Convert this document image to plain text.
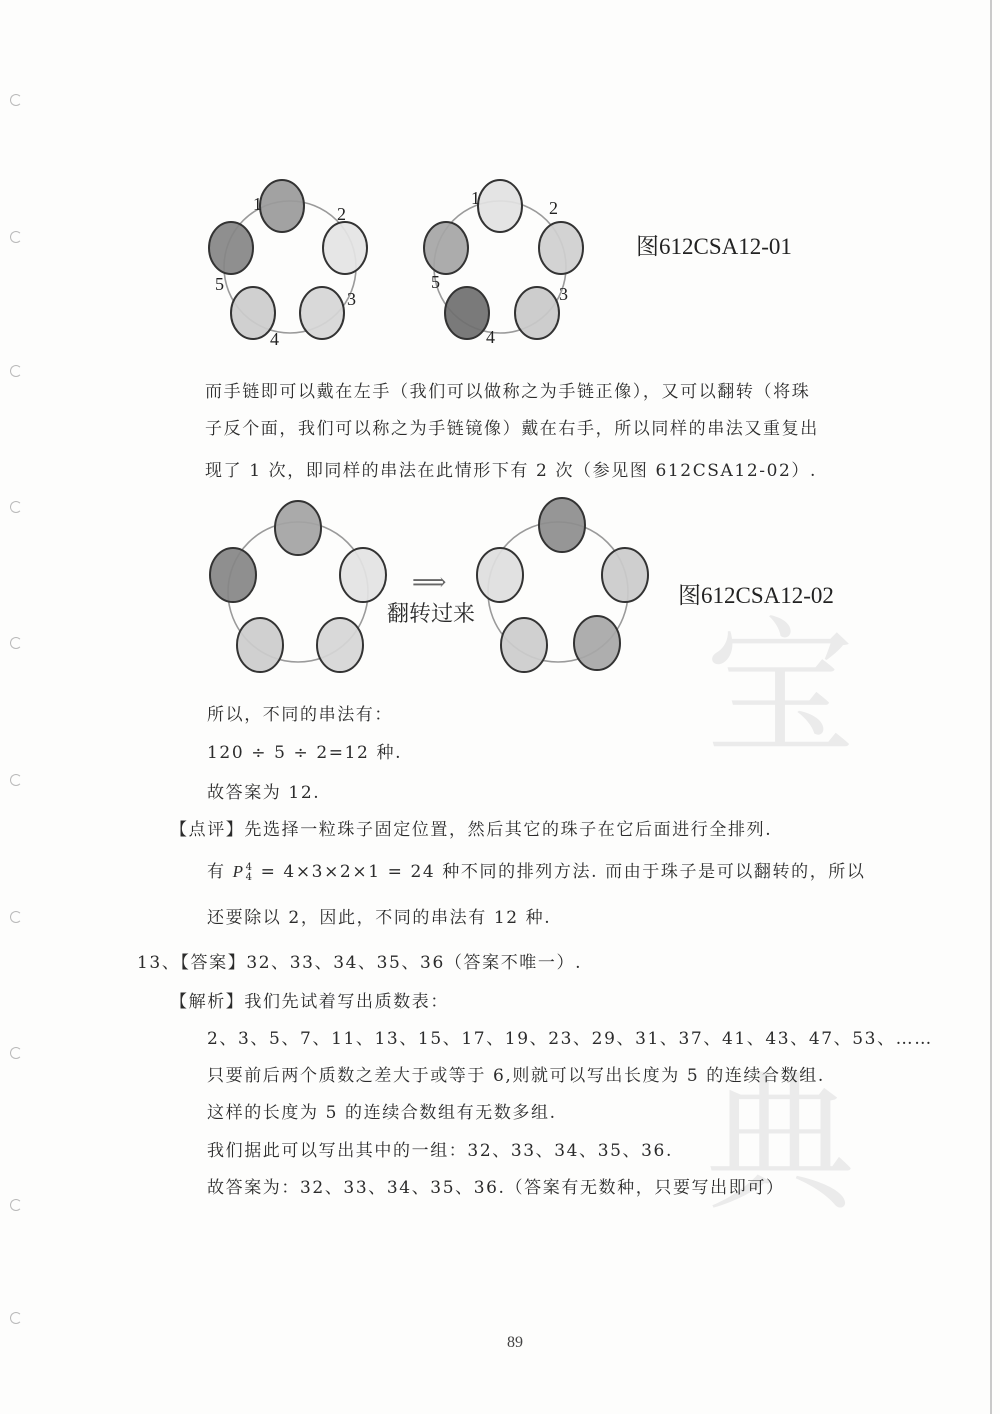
宝
典
1	2
3
4
5
1	2
3
4
5
图612CSA12-01
而手链即可以戴在左手（我们可以做称之为手链正像），又可以翻转（将珠
子反个面，我们可以称之为手链镜像）戴在右手，所以同样的串法又重复出
现了 1 次，即同样的串法在此情形下有 2 次（参见图 612CSA12-02）.
⟹
翻转过来
图612CSA12-02
所以，不同的串法有：
120 ÷ 5 ÷ 2=12 种.
故答案为 12.
【点评】先选择一粒珠子固定位置，然后其它的珠子在它后面进行全排列.
有 P 4
4 = 4×3×2×1 = 24 种不同的排列方法. 而由于珠子是可以翻转的，所以
还要除以 2，因此，不同的串法有 12 种.
13、【答案】32、33、34、35、36（答案不唯一）.
【解析】我们先试着写出质数表：
2、3、5、7、11、13、15、17、19、23、29、31、37、41、43、47、53、……
只要前后两个质数之差大于或等于 6,则就可以写出长度为 5 的连续合数组.
这样的长度为 5 的连续合数组有无数多组.
我们据此可以写出其中的一组：32、33、34、35、36.
故答案为：32、33、34、35、36.（答案有无数种，只要写出即可）
89
